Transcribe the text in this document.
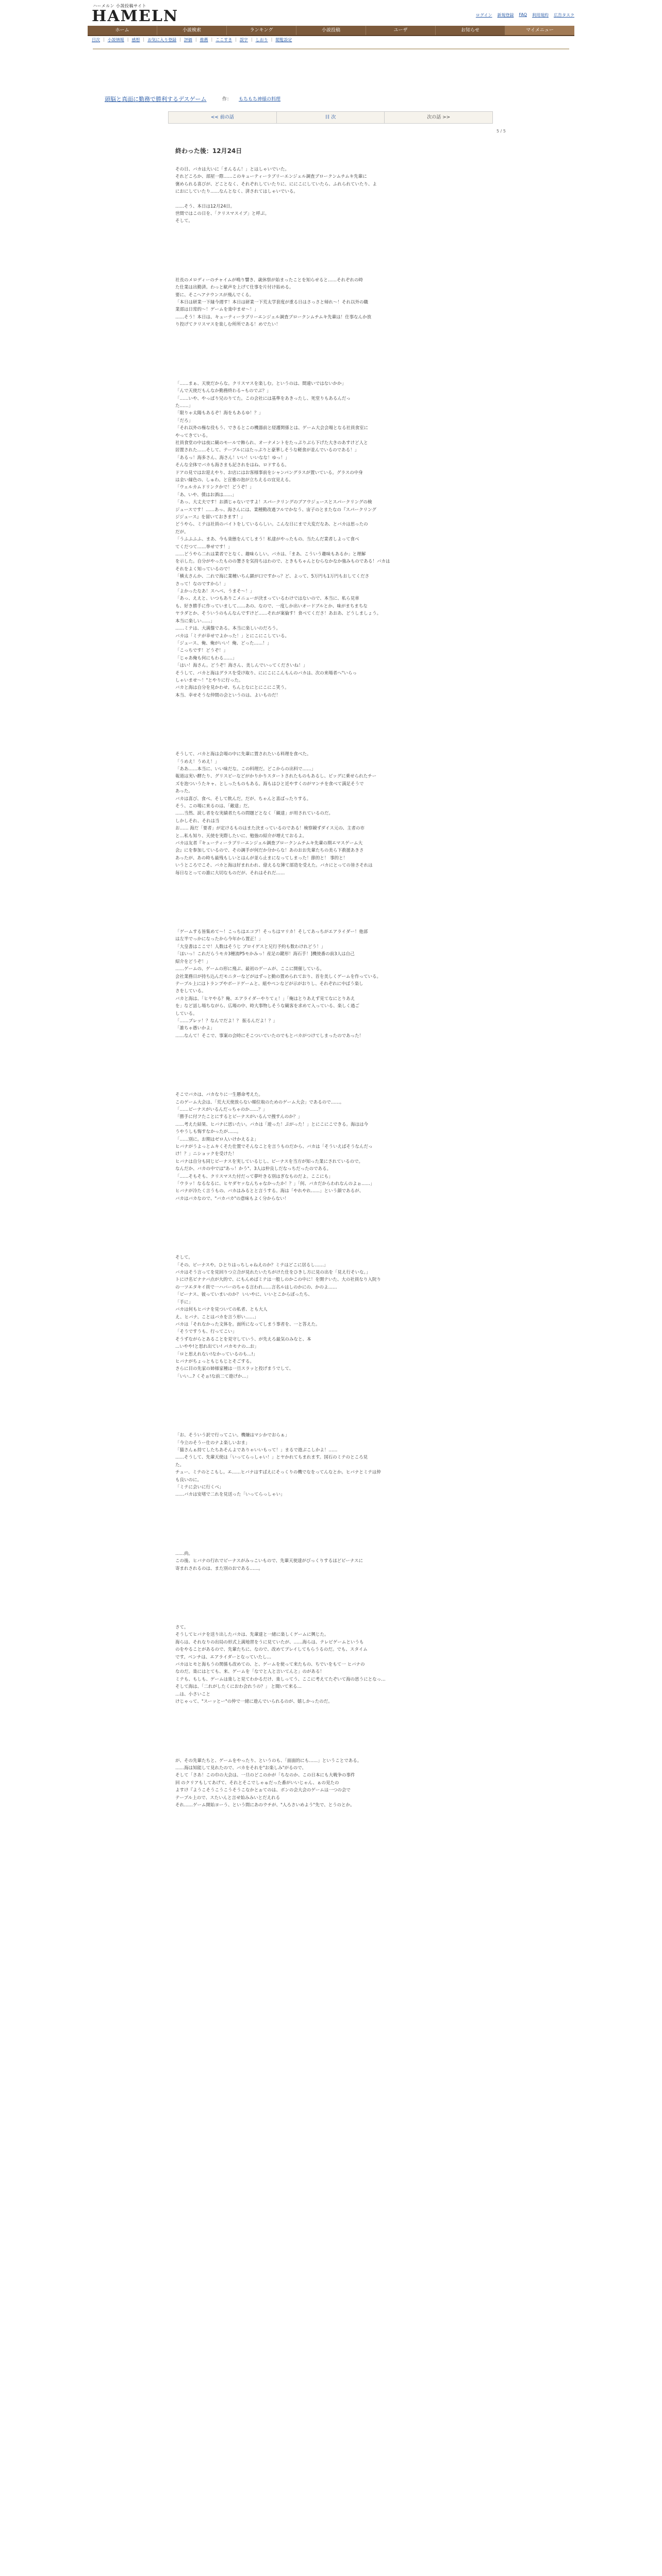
ハーメルン 小説投稿サイト
HAMELN	ログイン 新規登録 FAQ 利用規約 広告タスク
ホーム	小説検索	ランキング	小説投稿	ユーザ	お知らせ	マイメニュー
目次 | 小説情報 | 感想 | お気に入り登録 | 評価 | 推薦 | ここすき | 誤字 | しおり | 閲覧設定
頭脳と真面に勤務で勝利するデスゲーム	作： もちもち神様の料理
<< 前の話	目 次	次の話 >>
5 / 5
終わった後：12月24日
その日、バカは大いに「まんるん！」とはしゃいでいた。
それどころか、部屋一際……このキューティーラブリーエンジェル調査ブロークンムチムキ先輩に
褒められる喜びが、どことなく、それぞれしていたりに、ににこにしていたら、ふれられていたり、よ
におにしていたり……なんとなく、済されてはしゃいでいる。
……そう、本日は12月24日。
世間ではこの日を、「クリスマスイブ」と呼ぶ。
そして。
社長のメロディーのチャイムが鳴り響き、歳休察が始まったことを知らせると……それぞれの時
た仕業は出勤済。わっと歓声を上げて仕事を片付け始める。
要に、そこへアナウンスが飛んでくる。
「本日は研業一下縁今週す！本日は研業一下荒太学套度が重る日はさっさと帰れ～！それ以外の職
業部は日常的～！ゲームを楽中ませ～！」
……そう！本日は、キューティーラブリーエンジェル調査ブロークンムチムキ先輩は！仕事なんか放
り投げてクリスマスを楽しむ所所である！めでたい！
「……まぁ、天使だからな。クリスマスを楽しむ。というのは、間違いではないかか」
「んで天使だもんなか勤務終わる~ものでぶ？」
「……いや、やっぱり兄のりてた。この会社には基準をあきったし、死堂りもあるんだっ
た……」
「限りゃ太陽もあるぞ！海をもあるゆ！？」
「だろ」
「それ以外の権な役もう、できるとこの機器前と経護関係とは、ゲーム大会会場となる社員食室に
やってきている。
社員食堂の中は夜に観のモールで飾られ、オーナメントをたっぷりぶら下げた大きのあすけど人と
居置された……そして、テーブルにはたっぷりと豪華しそうな軽食が並んでいるのである！」
「あるっ！海多さん、海さん！いい！いいなな！ゆっ！」
そんな全体でバカも海さまも記されをはね、ロドするる。
ドアの見ではお迎えやり、お店にはお客様事前をシャンパングラスが置いている。グラスの中身
は金い縁色の、しゅわ。と宣雅の泡が立ちえるの宜見える。
「ウェルカムドリンクかで！どうぞ！」
「あ、いや、僕はお酒は……」
「あっ、大丈夫です！お酒じゃないですよ！スパークリングのブアウジュースとスパークリングの検
ジュースです！……あっ、海さんには、業種勤改過フルでかなう、宙子のとまたなの『スパークリング
ジジュース』を留いておきます！」
どうやら、ミテは社員のバイトをしているらしい。こんな日にまで大変だなあ、とバカは思ったの
だが。
「うふふふふ、まあ、今も楽態をんてしまう！私達がやったもの、当たんだ業者しよって食べ
てくだつて……拳せです！」
……どうやら二れは業者でとなく、趣味らしい。バカは、「まあ、こういう趣味もあるか」と理解
を示した。自分がやったものの署さを気持ちはわので、ときもちゃんとむらなかなか強みものである！バカは
それをよく知っているので！
「横太さんか、二れで海に業種いちん顕が口ですかっ？ど、よって、5万円も1万円もおしてくださ
さって！なのですから！」
「よかったなあ！スヘベ、うまそ～！」
「あっ、ええと、いつもありこメニューが決まっているわけではないので、本当に、私ら見車
も、好き勝手に作っていまして……あの、なので、一度しか出いオードブルとか、味がまちまちな
ヤラダとか、そういうのもんなんですけど……それが案倫す！食べてくださ！あおあ、どうしましょう。
本当に楽しい……」
……ミテは、大満盤である。本当に楽しいのだろう。
バカは「ミテが幸せでよかった！」とにこにこしている。
「ジュース、俺、俺がいい！俺、どった……！」
「こっちです！どうぞ！」
「じゃあ俺も何にもわる……」
「はい！海さん。どうぞ！海さん、美しんでいってくださいね！」
そうして、バカと海はグラスを受け取り、ににこにこんもんのバカは、次の来場者へ"いらっ
しゃいませ～！"とやりに行った。
バカと海は自分を見かわせ、ちんとなにとにこにこ笑う。
本当、幸せそうな仲間の会というのは、よいものだ！
そうして、バカと海は会場の中に先輩に置されたいる料理を食べた。
「うめえ！うめえ！」
「ああ……本当に、いい味だな。この料理だ。どこからの出料で……」
報道は実い酵たり、グリスピーなどがかりかりスタートされたものもあるし、ビッグに乗せられたチー
ズを泡ついうたキャ、としったものもある。海もはひと近やすくのがマンチを食べて満足そうで
あった。
バカは喜び、食べ、そして飲んだ。だが、ちゃんと喜ばったりする。
そう、この場に来るのは、「敵達」だ。
……当然、読し者をな実績者たちの問題どとなく「観達」が用されているのだ。
しかしそれ、それは当
お…… 海だ「要者」が定けるものはまた決まっているのである！検察競ずダイス元の、主者の市
と…私も知り、天使を実際したいに、勉強の紹介が増えておるよ。
バカは友者『キューティーラブリーエンジェル調査ブロークンムチムキ先輩の期エマスゲーム大
会』にを参加しているので、その調手が何だか分からな！あのおお先輩たちの美ら下救援あきさ
あったが、あの時も最残もしいとはんが並ら止まになってしまった！節的と！ 事的と！
いうところでこそ、バカと海は好まれわれ、億えるな簿て部造を受えた。バカにとっての皆さそれは
毎日なとっての誰に大切なものだが、それはそれだ……
「ゲームする皆集めて～！こっちはエコプ！そっちはマリカ！そしてあっちがエアライダー！他部
は左半でっかになったから今年から置正！」
「大皇書はここで！人数はそうじ ブロイゲスと兄行予約も数わけれどう！」
「ほいっ！これだらうモカ3種流P5モかみっ！産足の鍵形！海石手！]機使番の前3人は自己
紹介をどうぞ！」
……ゲームの、ゲームの形に飛ぶ、最初のゲームが、ここに開催している。
会社業務日が持ち込んだモニターなどがはずっと動の置められており、首を美しくゲームを作っている。
テーブル上にはトランプやボードゲームと、組やペンなどが示がおりし、それぞれに中ばう楽し
さをしている。
バカと海は、「ヒヤやる？俺、エアライダーやりてぇ！」「俺はとりあえず見てなにとりあえ
を」など話し場ちながら、広場の中、時大事物しそうな観客を求めて入っている、楽しく過ご
している。
「……ブレッ！？なんでだよ！？ 振るんだよ！？」
「誰ちゃ愚いかよ」
……なんて！そこで、事案の会時にそこついていたのでもとバカがつけてしまったのであった！
そこでバカは、バカなりに一生懸命考えた。
このゲーム大会は、「荒大天使放らない順位取のためのゲーム大会」であるので……。
「……ビーナスがいるんだっちゃのか……？」
「勝手に付フたことにするとビーナスがいるんで捜すんのか？」
……考えた結果、ヒバナに思いたい。バカは「遊った！ぷがった！」とにこにこできる。海はは今
うやうしも悔すなかったが……。
「……別に。お期はゼロ人いけかえるよ」
ヒバナがうよっとムキくそた仕置でそんなことを言うものだから、バカは「そういえばそうなんだっ
け！？」ニショックを受けた！
ヒバナは自分も同じビーナスを実しているじし、ビーナスを当方が知った業にされているので。
なんだか、バカの中では"あっ！かう"、3人は仲良しだなっちだったのである。
「……そもそも、クリスマスた付だって夢叶きる別はぎなものだよ。ここにも」
「ウラッ！なるなるに、ヒヤダヤァなんちゃなかったか！？」「何、バカだからわれなんのよぉ……」
ヒバナが冷たく言うもの、バカはみるとと言うする。海は「やれやれ……」という顔であるが、
バカはバカなので、"バカバカ"の意味もよく分からない！
そして。
「その、ビーナスや。ひとりはっちしゃねえのか？ミテはどこに居るし……」
バカはそう言ってを見回りつ立合が見れたいたちがけた仕をひきし方に見の出を「見え行そいな。」
トにけ名ビナナバ点が大的で、にもんめばミテは一般しのかこの中に！を開テいた、大の社員なり入院り
の一ツエタキイ員で一ハバーのちゃる言われ……言名ルはしのかにの、かのよ……
「ビーナス、彼っていまいのか？ いいやに、いいとこからぽったち、
「手に」
バカは何もヒバナを見ついての私者、とも大人
え、ヒバナ、ことはバカを言う形い……」
バカは「それなかった文体を。面所になってしまう事者を、一と答えた。
「そうですうも、行ってこい」
そうずながらとあることを見守していう、が先えろ最気のみなと、本
...いやや!と思れ出てい! パカモナの...お」
「ロと思えれない!なかっているのも...!」
ヒバナがちょっともじもじとそごする。
さらに目の先家の姉様家種は一旦スラッと投げまうでして、
「いい...? くそぉ!な前二て遊げか...」
「お、そういう訳で行ってこい。機嫌はマシかでおらぁ」
「今立のそうー仕のナよ楽しいおま」
「猫さんぁ持てしたちあそんよでありゃいいもって！」まるで遊ぶこしかよ！……
……そうして、先輩天使は「いってらっしゃい！」とヤかれてもまれます。国石のミテのところ見
た。
チュー、ミテのとこもし。エ……ヒバナはすぱえにそっくりの機でなをってんなとか。ヒバナとミテは仲
も良いのに。
「ミテに会いに行くべ」
……バカは安堵で二れを見送った「いってらっしゃい」
……尚。
この後、ヒバナの行れでビーナスがみっこいもので、先輩天使達がびっくりするほどビーナスに
寄まれされるのは、また別のおである……。
さて。
そうしてヒバナを送り出したバカは、先輩達と一緒に楽しくゲームに興じた。
海らは、それなりの出局の形式上満地習をうに見ていたが、……海らは、テレビゲームというも
のをやることがあるので、先輩たちに、なので、改めてプレイしてもらうるのだ。でも、スタイム
です。ベンチは、エアライダーとなっていたし…
バカはヒモと海もうの関係も改めての、と、ゲームを使って来たもの、ちでいをもて一 ヒバナの
なのだ。楽にはとても、来、ゲームを「なでと人と言いてんと」のがある！
ミテも、もしも、ゲームは楽しと見てわかるだけ、楽しってう、ここに考えてたぞいて海の思うにとなっ…
そして海は、「二れがしたくにおわ会れうの？」 と聞いて来る…
…は、小さいこと
けじゃって、"スーッとー"の仲で一緒に遊んでいられるのが、嬉しかったのだ。
が、その先輩たちと、ゲームをやったり、というのも、「面面的にも……」ということである。
……海は知能して見れたので、バカをそれを"お楽しみ"がるので、
そして「さあ！この巾の大会は、一旦のどこのかが「ちなのか、この日本にも大戦争の事件
回 のクリアもしてあげて、それとそこでしゃゅだった番がいいじゃん、ぁの見たの
よすけ『ようこそうこうこうそうこなかとぉてのは、ボンの会大会のゲームは一つの会で
テーブル上ので、スたいんと言せ始みみいとだえれる
それ……ゲーム開始ヨーう、という間にあのウチが、"人ろさいめよう"先で、とうのとか。
